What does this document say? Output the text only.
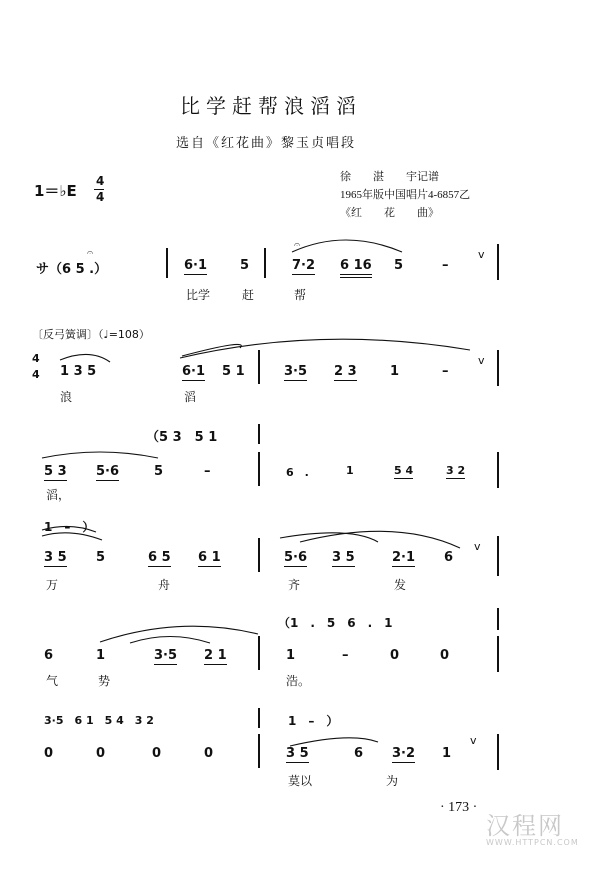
比学赶帮浪滔滔
选自《红花曲》黎玉贞唱段
1＝♭E
4
4
徐　　湛　　宇记谱
1965年版中国唱片4-6857乙
《红　　花　　曲》
サ（6 5 .）
𝄐
6·1	5
𝄐
7·2 6 16 5	–
v
比学	赶	帮
〔反弓簧调〕（♩=108）
4
4 1 3 5	6·1 5 1	3·5 2 3	1	–
v
浪	滔
（5 3　5 1
5 3 5·6	5	–	6　.	1	5 4	3 2
滔，
1　–　）
3 5 5	6 5 6 1	5·6 3 5	2·1 6
v
万	舟	齐	发
（1　.　5　6　.　1
6	1	3·5 2 1	1	–	0	0
气	势	浩。
3·5　6 1　5 4　3 2	1　–　）
0	0	0	0	3 5	6 3·2 1
v
莫以	为
· 173 ·
汉程网
WWW.HTTPCN.COM
